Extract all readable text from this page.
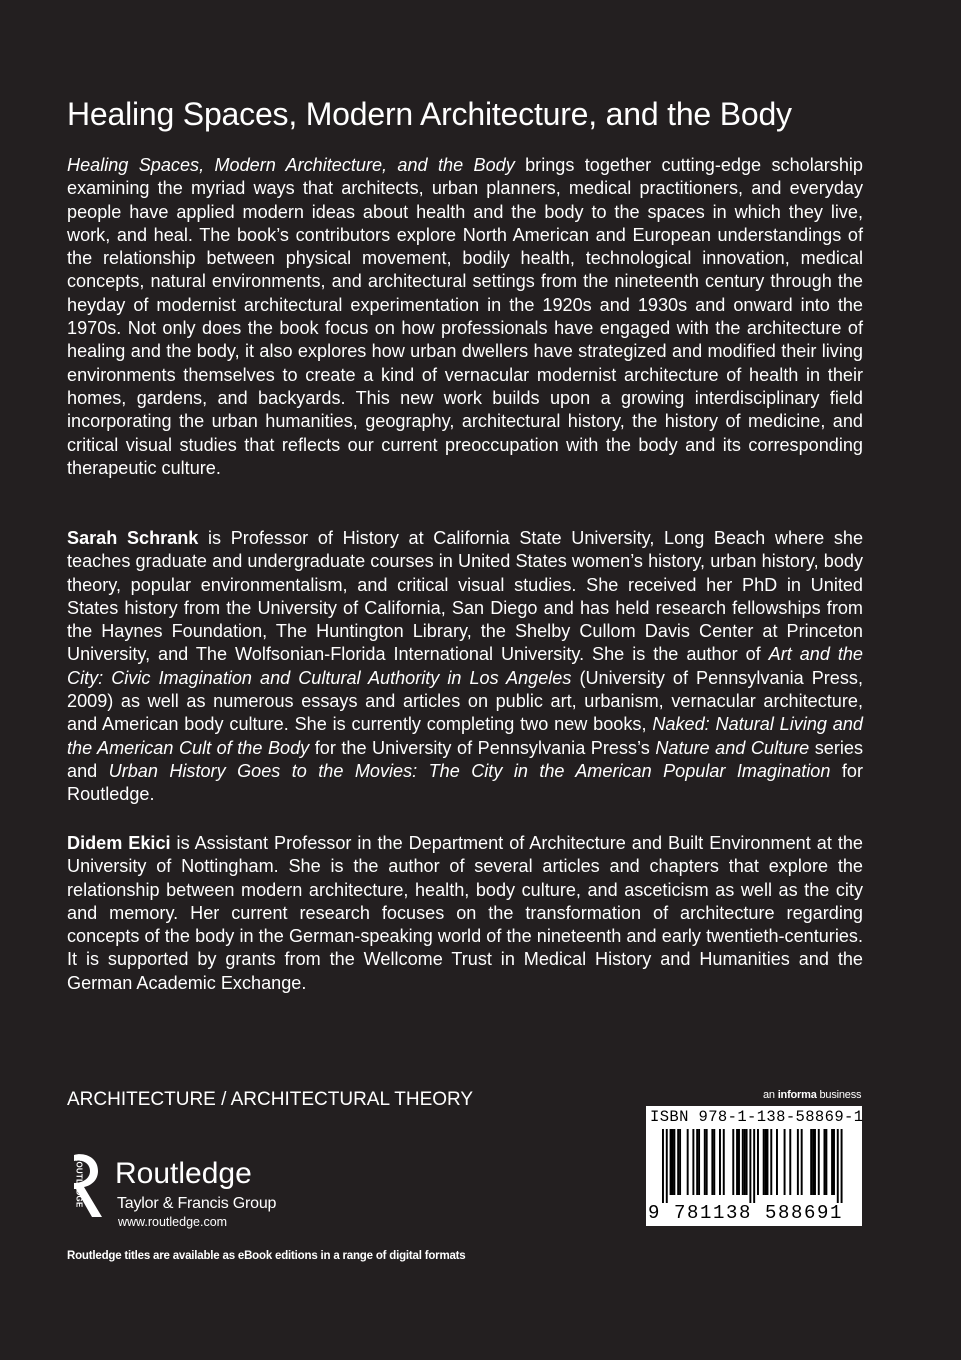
Healing Spaces, Modern Architecture, and the Body

Healing Spaces, Modern Architecture, and the Body brings together cutting-edge scholarship examining the myriad ways that architects, urban planners, medical practitioners, and everyday people have applied modern ideas about health and the body to the spaces in which they live, work, and heal. The book’s contributors explore North American and European understandings of the relationship between physical movement, bodily health, technological innovation, medical concepts, natural environments, and architectural settings from the nineteenth century through the heyday of modernist architectural experimentation in the 1920s and 1930s and onward into the 1970s. Not only does the book focus on how professionals have engaged with the architecture of healing and the body, it also explores how urban dwellers have strategized and modified their living environments themselves to create a kind of vernacular modernist architecture of health in their homes, gardens, and backyards. This new work builds upon a growing interdisciplinary field incorporating the urban humanities, geography, architectural history, the history of medicine, and critical visual studies that reflects our current preoccupation with the body and its corresponding therapeutic culture.

Sarah Schrank is Professor of History at California State University, Long Beach where she teaches graduate and undergraduate courses in United States women’s history, urban history, body theory, popular environmentalism, and critical visual studies. She received her PhD in United States history from the University of California, San Diego and has held research fellowships from the Haynes Foundation, The Huntington Library, the Shelby Cullom Davis Center at Princeton University, and The Wolfsonian-Florida International University. She is the author of Art and the City: Civic Imagination and Cultural Authority in Los Angeles (University of Pennsylvania Press, 2009) as well as numerous essays and articles on public art, urbanism, vernacular architecture, and American body culture. She is currently completing two new books, Naked: Natural Living and the American Cult of the Body for the University of Pennsylvania Press’s Nature and Culture series and Urban History Goes to the Movies: The City in the American Popular Imagination for Routledge.

Didem Ekici is Assistant Professor in the Department of Architecture and Built Environment at the University of Nottingham. She is the author of several articles and chapters that explore the relationship between modern architecture, health, body culture, and asceticism as well as the city and memory. Her current research focuses on the transformation of architecture regarding concepts of the body in the German-speaking world of the nineteenth and early twentieth-centuries. It is supported by grants from the Wellcome Trust in Medical History and Humanities and the German Academic Exchange.

ARCHITECTURE / ARCHITECTURAL THEORY
ROUTLEDGE Routledge
Taylor & Francis Group
www.routledge.com
Routledge titles are available as eBook editions in a range of digital formats
an informa business
ISBN 978-1-138-58869-1
9 781138 588691
